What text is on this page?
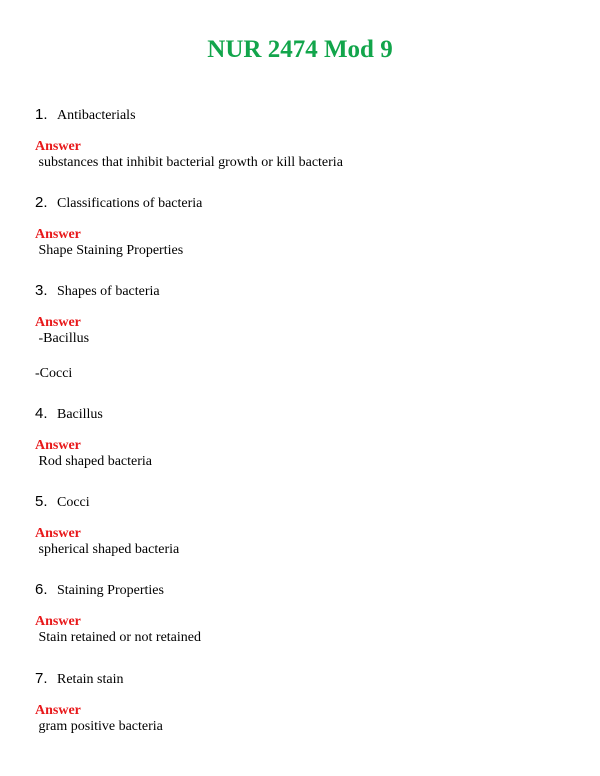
NUR 2474 Mod 9
1. Antibacterials
Answer
substances that inhibit bacterial growth or kill bacteria
2. Classifications of bacteria
Answer
Shape Staining Properties
3. Shapes of bacteria
Answer
-Bacillus
-Cocci
4. Bacillus
Answer
Rod shaped bacteria
5. Cocci
Answer
spherical shaped bacteria
6. Staining Properties
Answer
Stain retained or not retained
7. Retain stain
Answer
gram positive bacteria
